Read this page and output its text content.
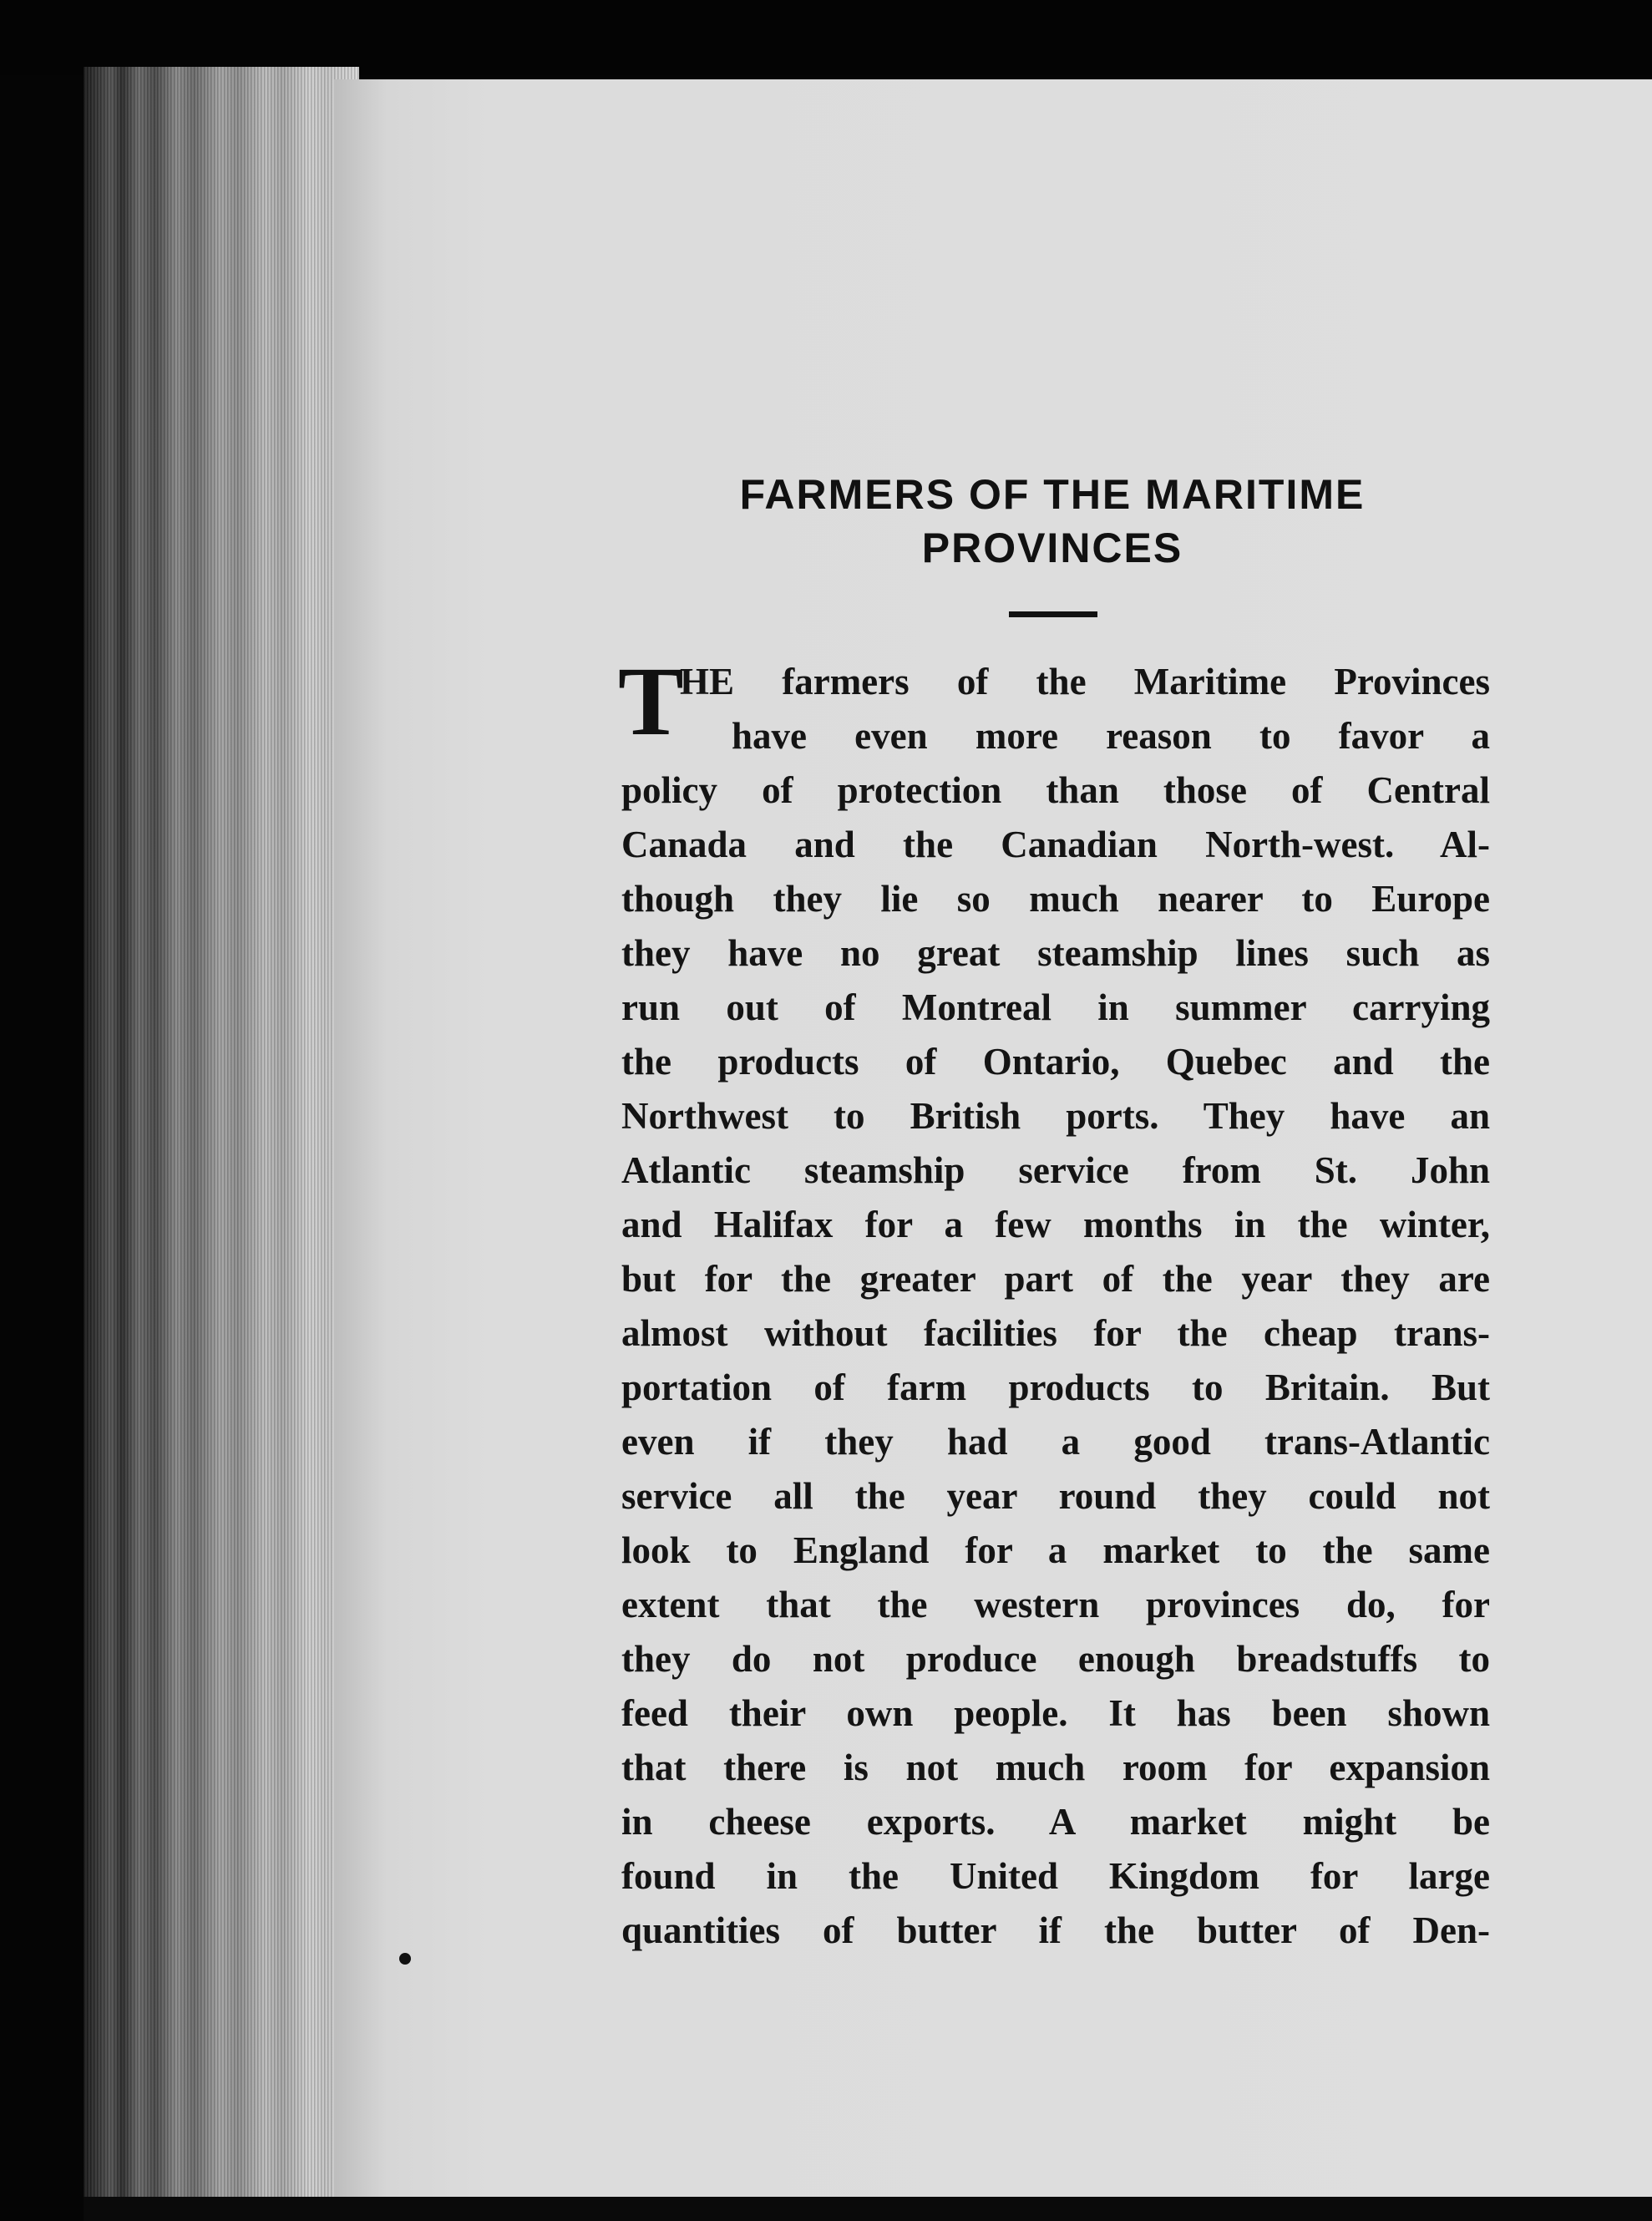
FARMERS OF THE MARITIME
PROVINCES
T
HE farmers of the Maritime Provinces
have even more reason to favor a
policy of protection than those of Central
Canada and the Canadian North-west. Al-
though they lie so much nearer to Europe
they have no great steamship lines such as
run out of Montreal in summer carrying
the products of Ontario, Quebec and the
Northwest to British ports. They have an
Atlantic steamship service from St. John
and Halifax for a few months in the winter,
but for the greater part of the year they are
almost without facilities for the cheap trans-
portation of farm products to Britain. But
even if they had a good trans-Atlantic
service all the year round they could not
look to England for a market to the same
extent that the western provinces do, for
they do not produce enough breadstuffs to
feed their own people. It has been shown
that there is not much room for expansion
in cheese exports. A market might be
found in the United Kingdom for large
quantities of butter if the butter of Den-
